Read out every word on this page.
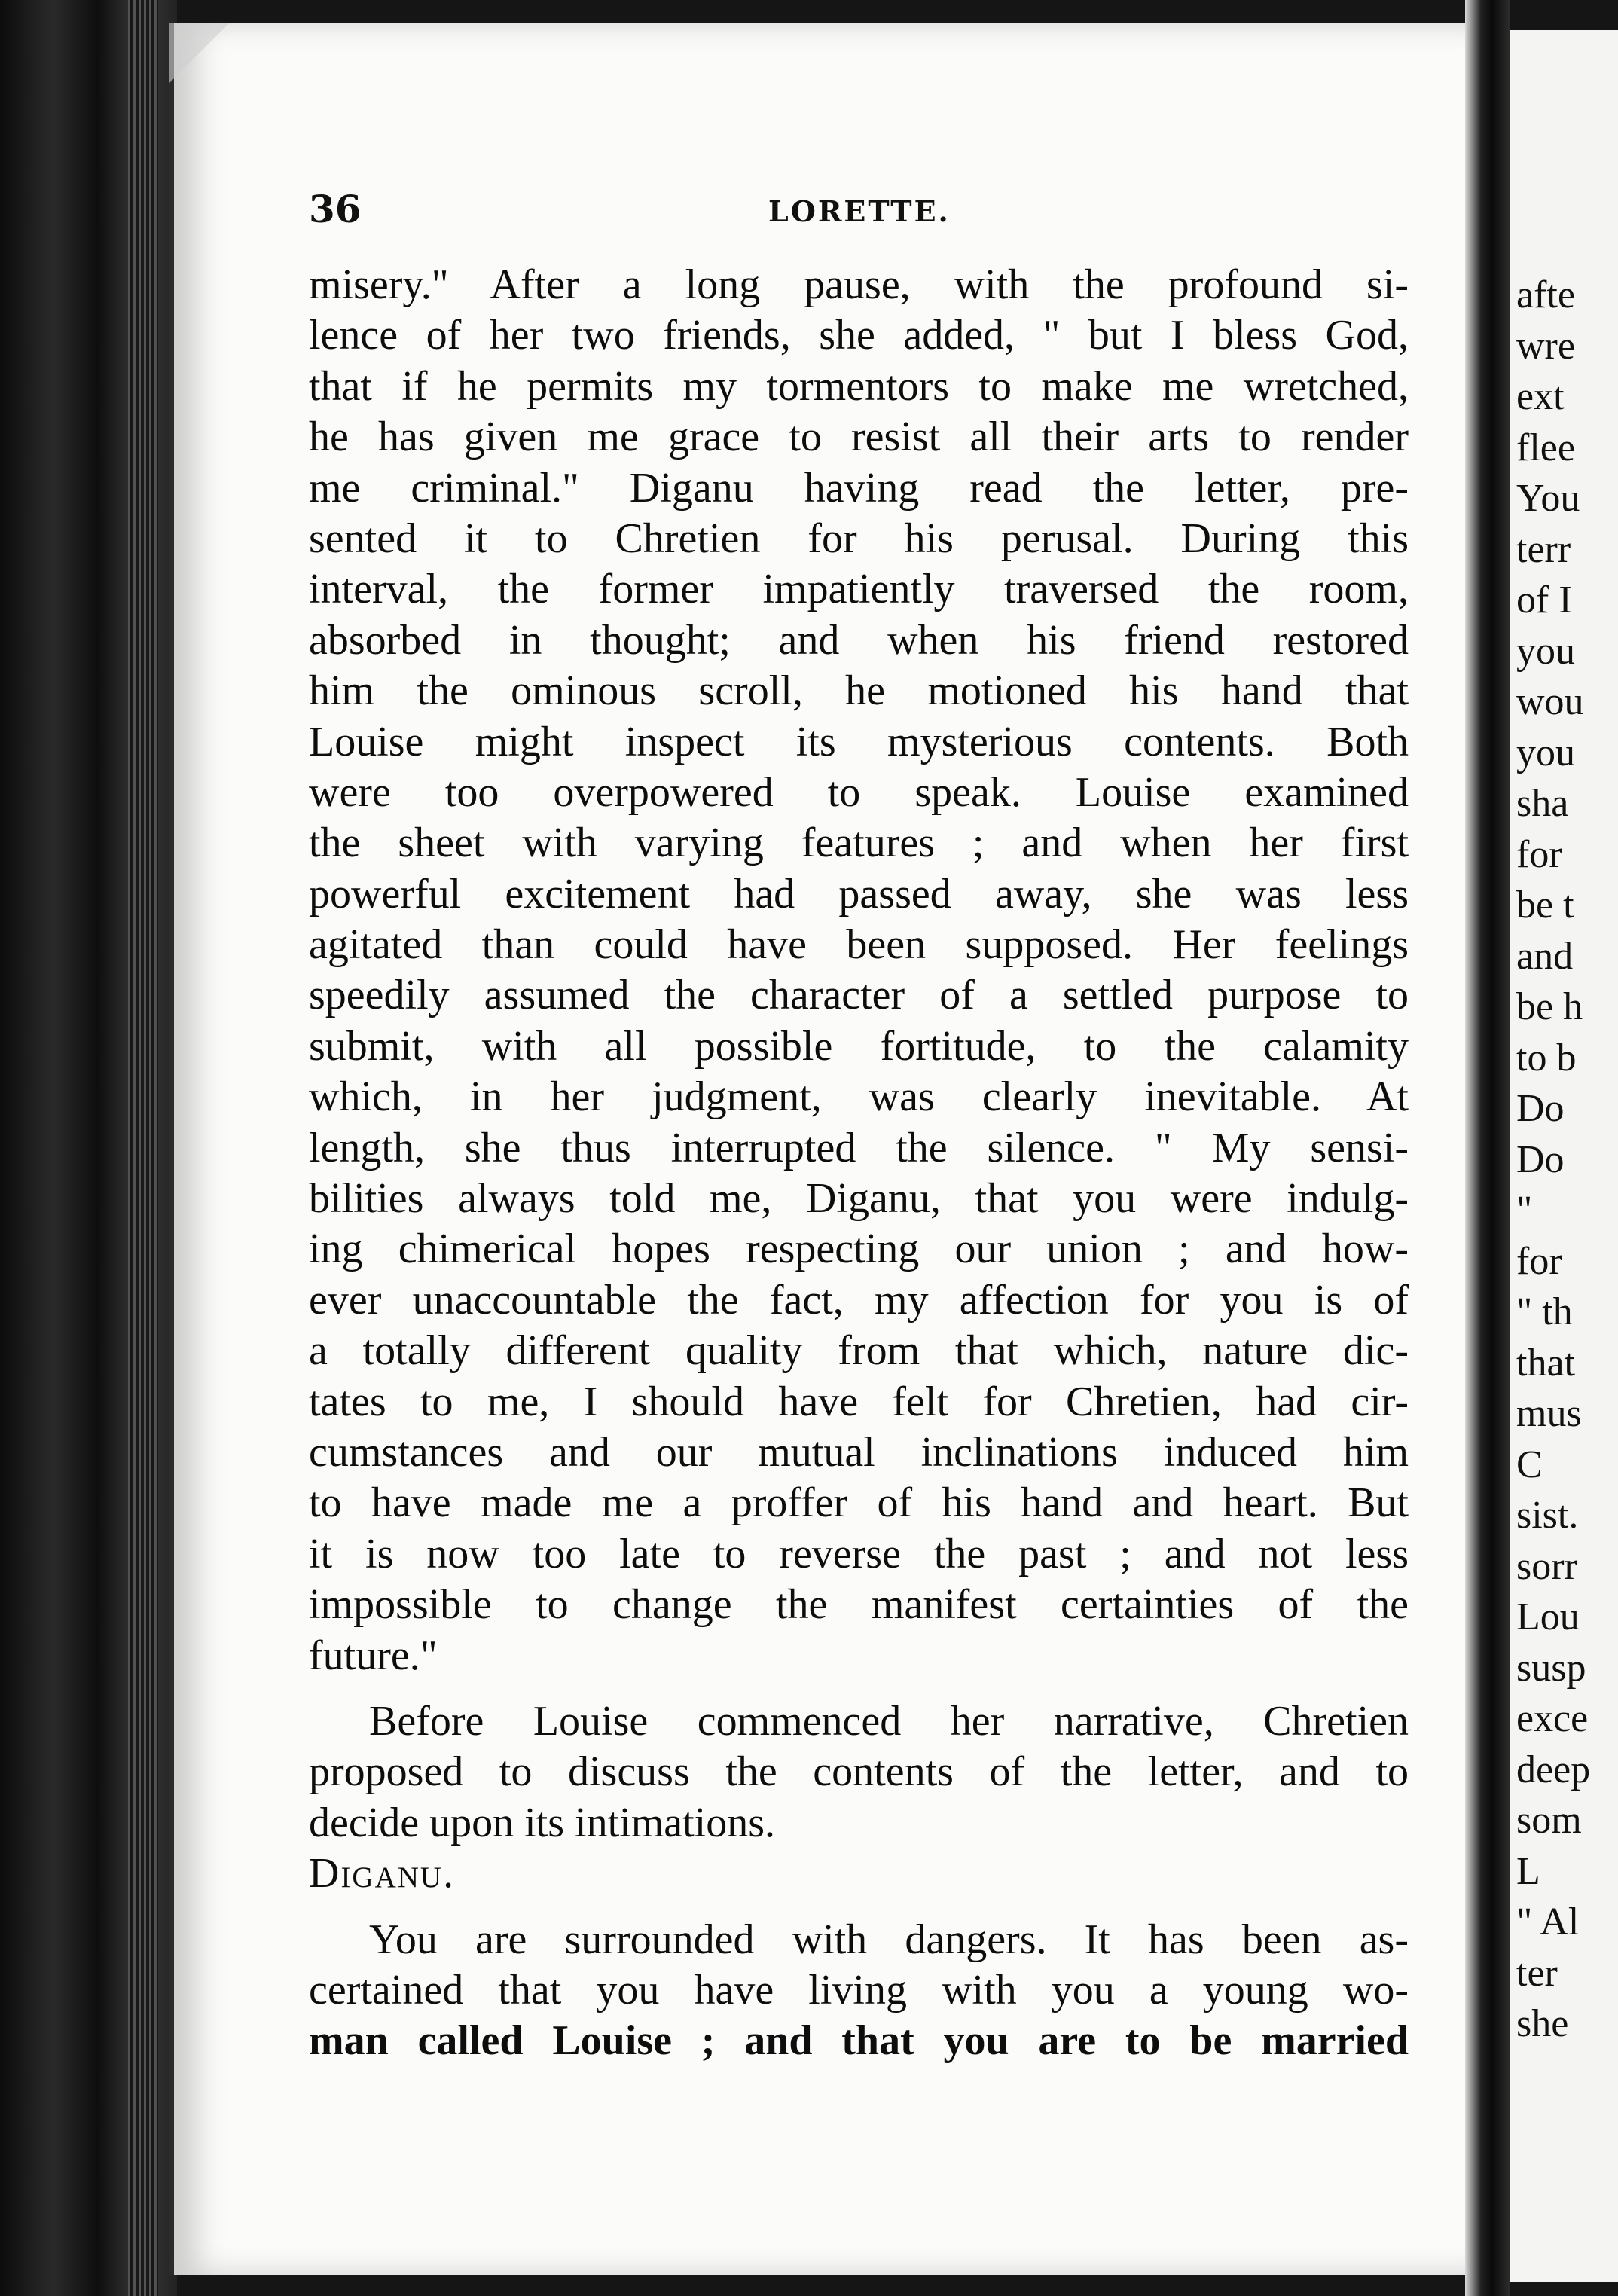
36	LORETTE.
misery." After a long pause, with the profound si-
lence of her two friends, she added, " but I bless God,
that if he permits my tormentors to make me wretched,
he has given me grace to resist all their arts to render
me criminal." Diganu having read the letter, pre-
sented it to Chretien for his perusal. During this
interval, the former impatiently traversed the room,
absorbed in thought; and when his friend restored
him the ominous scroll, he motioned his hand that
Louise might inspect its mysterious contents. Both
were too overpowered to speak. Louise examined
the sheet with varying features ; and when her first
powerful excitement had passed away, she was less
agitated than could have been supposed. Her feelings
speedily assumed the character of a settled purpose to
submit, with all possible fortitude, to the calamity
which, in her judgment, was clearly inevitable. At
length, she thus interrupted the silence. " My sensi-
bilities always told me, Diganu, that you were indulg-
ing chimerical hopes respecting our union ; and how-
ever unaccountable the fact, my affection for you is of
a totally different quality from that which, nature dic-
tates to me, I should have felt for Chretien, had cir-
cumstances and our mutual inclinations induced him
to have made me a proffer of his hand and heart. But
it is now too late to reverse the past ; and not less
impossible to change the manifest certainties of the
future."
Before Louise commenced her narrative, Chretien
proposed to discuss the contents of the letter, and to
decide upon its intimations.
Diganu.
You are surrounded with dangers. It has been as-
certained that you have living with you a young wo-
man called Louise ; and that you are to be married
afte
wre
ext
flee
You
terr
of I
you
wou
you
sha
for
be t
and
be h
to b
Do
Do
"
for
" th
that
mus
C
sist.
sorr
Lou
susp
exce
deep
som
L
" Al
ter
she
